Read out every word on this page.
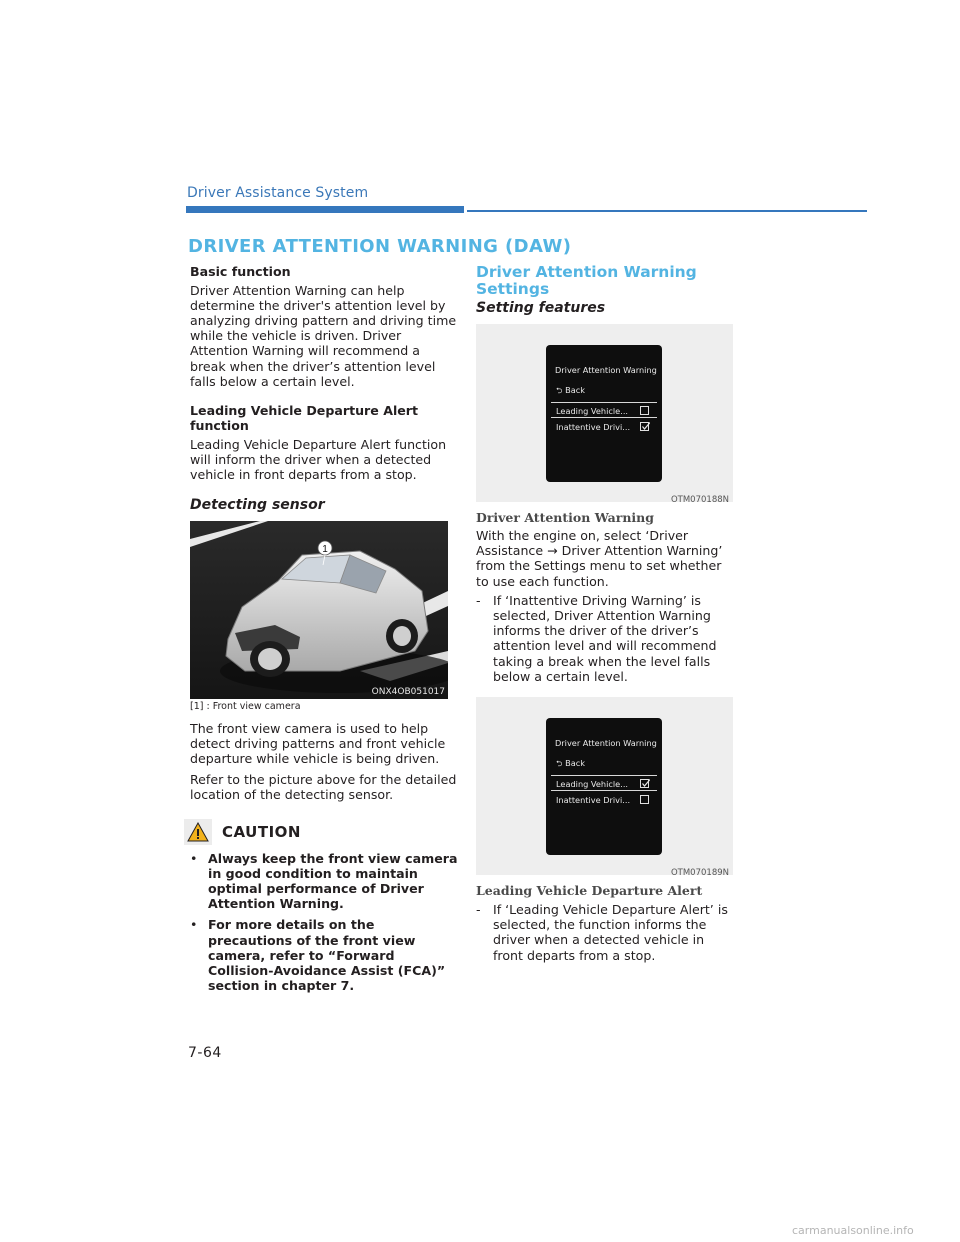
Driver Assistance System
DRIVER ATTENTION WARNING (DAW)
Basic function
Driver Attention Warning can help determine the driver's attention level by analyzing driving pattern and driving time while the vehicle is driven. Driver Attention Warning will recommend a break when the driver’s attention level falls below a certain level.
Leading Vehicle Departure Alert function
Leading Vehicle Departure Alert function will inform the driver when a detected vehicle in front departs from a stop.
Detecting sensor
1
ONX4OB051017
[1] : Front view camera
The front view camera is used to help detect driving patterns and front vehicle departure while vehicle is being driven.
Refer to the picture above for the detailed location of the detecting sensor.
CAUTION
• Always keep the front view camera in good condition to maintain optimal performance of Driver Attention Warning.
• For more details on the precautions of the front view camera, refer to “Forward Collision-Avoidance Assist (FCA)” section in chapter 7.
Driver Attention Warning Settings
Setting features
Driver Attention Warning
⮌ Back
Leading Vehicle...
Inattentive Drivi...
OTM070188N
Driver Attention Warning
With the engine on, select ‘Driver Assistance → Driver Attention Warning’ from the Settings menu to set whether to use each function.
- If ‘Inattentive Driving Warning’ is selected, Driver Attention Warning informs the driver of the driver’s attention level and will recommend taking a break when the level falls below a certain level.
Driver Attention Warning
⮌ Back
Leading Vehicle...
Inattentive Drivi...
OTM070189N
Leading Vehicle Departure Alert
- If ‘Leading Vehicle Departure Alert’ is selected, the function informs the driver when a detected vehicle in front departs from a stop.
7-64
carmanualsonline.info
